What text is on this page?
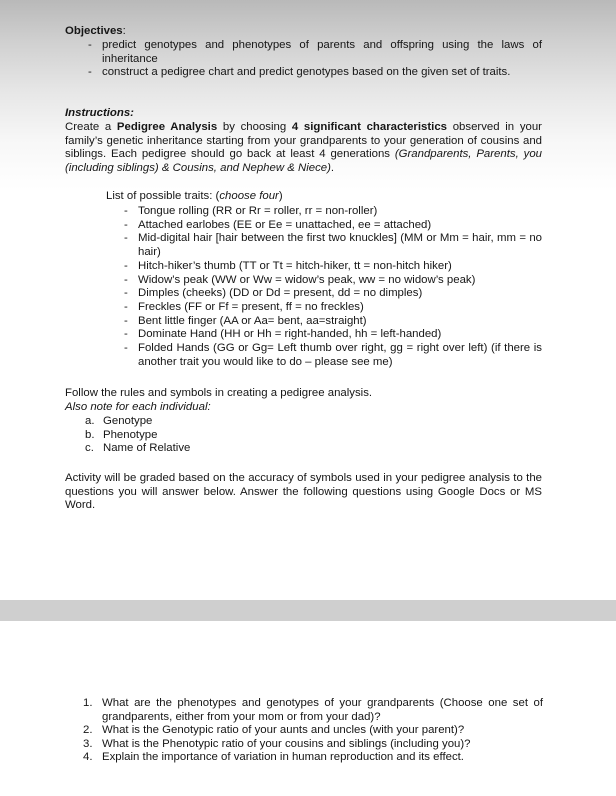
Objectives:
- predict genotypes and phenotypes of parents and offspring using the laws of inheritance
- construct a pedigree chart and predict genotypes based on the given set of traits.
Instructions:
Create a Pedigree Analysis by choosing 4 significant characteristics observed in your family’s genetic inheritance starting from your grandparents to your generation of cousins and siblings. Each pedigree should go back at least 4 generations (Grandparents, Parents, you (including siblings) & Cousins, and Nephew & Niece).
List of possible traits: (choose four)
- Tongue rolling (RR or Rr = roller, rr = non-roller)
- Attached earlobes (EE or Ee = unattached, ee = attached)
- Mid-digital hair [hair between the first two knuckles] (MM or Mm = hair, mm = no hair)
- Hitch-hiker’s thumb (TT or Tt = hitch-hiker, tt = non-hitch hiker)
- Widow’s peak (WW or Ww = widow’s peak, ww = no widow’s peak)
- Dimples (cheeks) (DD or Dd = present, dd = no dimples)
- Freckles (FF or Ff = present, ff = no freckles)
- Bent little finger (AA or Aa= bent, aa=straight)
- Dominate Hand (HH or Hh = right-handed, hh = left-handed)
- Folded Hands (GG or Gg= Left thumb over right, gg = right over left) (if there is another trait you would like to do – please see me)
Follow the rules and symbols in creating a pedigree analysis.
Also note for each individual:
a. Genotype
b. Phenotype
c. Name of Relative
Activity will be graded based on the accuracy of symbols used in your pedigree analysis to the questions you will answer below. Answer the following questions using Google Docs or MS Word.
1. What are the phenotypes and genotypes of your grandparents (Choose one set of grandparents, either from your mom or from your dad)?
2. What is the Genotypic ratio of your aunts and uncles (with your parent)?
3. What is the Phenotypic ratio of your cousins and siblings (including you)?
4. Explain the importance of variation in human reproduction and its effect.
